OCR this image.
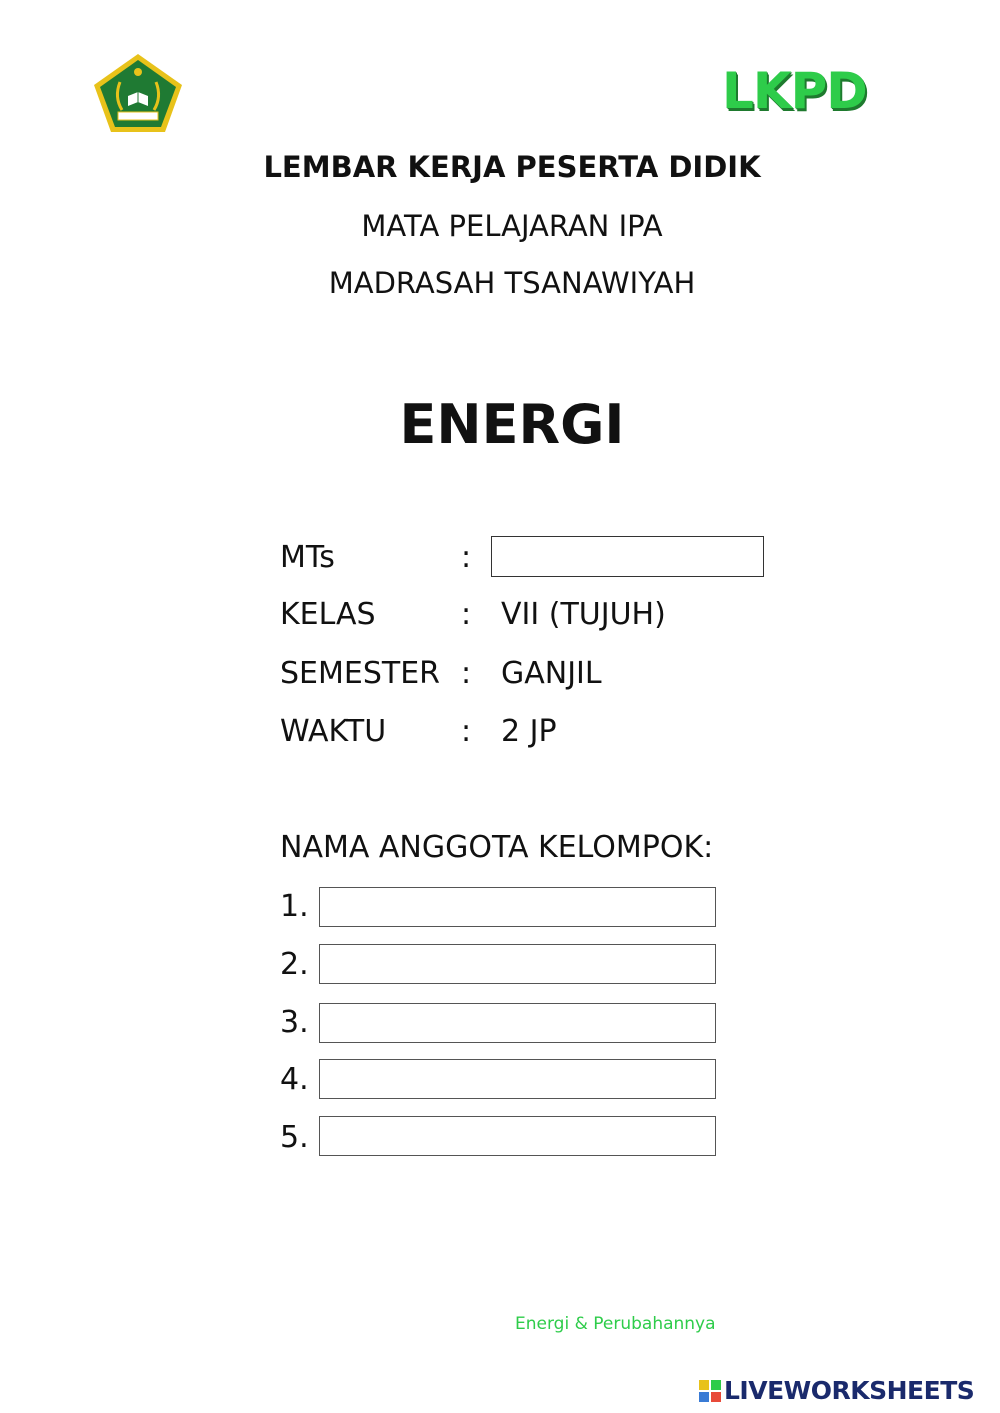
LKPD
LEMBAR KERJA PESERTA DIDIK
MATA PELAJARAN IPA
MADRASAH TSANAWIYAH
ENERGI
MTs	:
KELAS	: VII (TUJUH)
SEMESTER : GANJIL
WAKTU : 2 JP
NAMA ANGGOTA KELOMPOK:
1.
2.
3.
4.
5.
Energi & Perubahannya
LIVEWORKSHEETS
